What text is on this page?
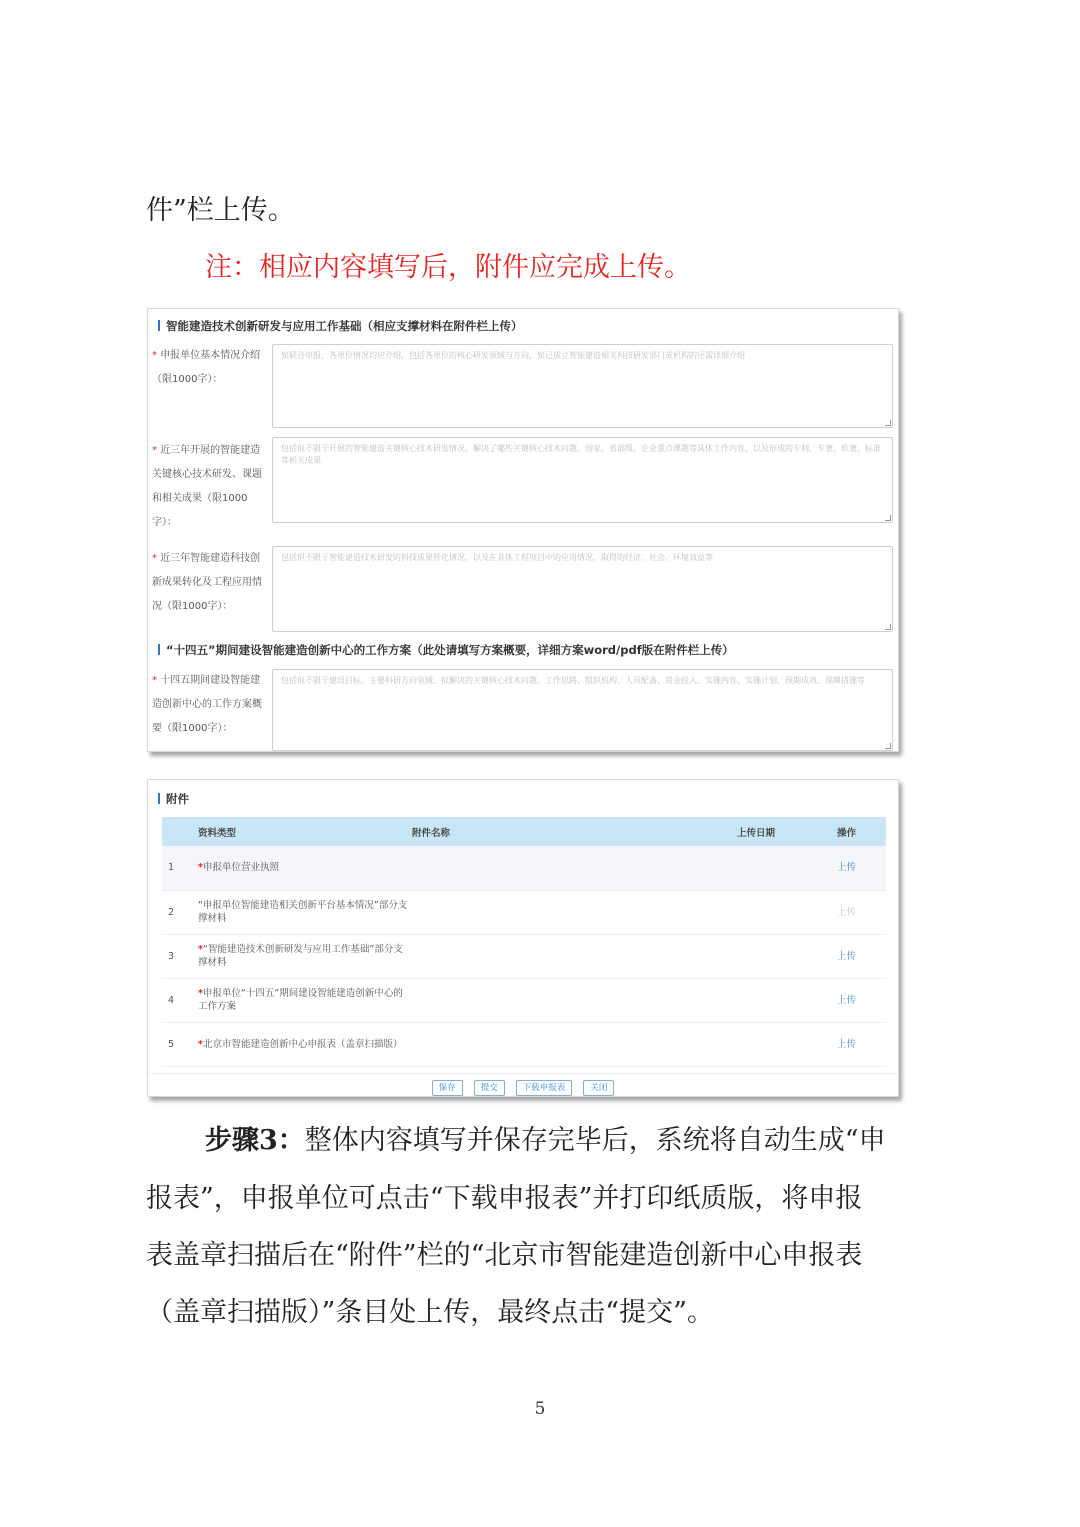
件”栏上传。
注：相应内容填写后，附件应完成上传。
智能建造技术创新研发与应用工作基础（相应支撑材料在附件栏上传）
* 申报单位基本情况介绍（限1000字）：
如联合申报，各单位情况均应介绍，包括各单位的核心研发领域与方向，如已成立智能建造相关科技研发部门或机构的还需详细介绍
* 近三年开展的智能建造关键核心技术研发、课题和相关成果（限1000字）：
包括但不限于开展的智能建造关键核心技术研发情况，解决了哪些关键核心技术问题，国家、省部级、企业重点课题等具体工作内容，以及形成的专利、专著、软著、标准等相关成果
* 近三年智能建造科技创新成果转化及工程应用情况（限1000字）：
包括但不限于智能建造技术研发的科技成果转化情况，以及在具体工程项目中的应用情况，取得的经济、社会、环境效益等
“十四五”期间建设智能建造创新中心的工作方案（此处请填写方案概要，详细方案word/pdf版在附件栏上传）
* 十四五期间建设智能建造创新中心的工作方案概要（限1000字）：
包括但不限于建设目标、主要科研方向领域、拟解决的关键核心技术问题、工作思路、组织机构、人员配备、资金投入、实施内容、实施计划、预期成效、保障措施等
附件
	资料类型	附件名称	上传日期	操作
1	*申报单位营业执照			上传
2	“申报单位智能建造相关创新平台基本情况”部分支撑材料			上传
3	*“智能建造技术创新研发与应用工作基础”部分支撑材料			上传
4	*申报单位“十四五”期间建设智能建造创新中心的工作方案			上传
5	*北京市智能建造创新中心申报表（盖章扫描版）			上传
保存	提交	下载申报表	关闭
步骤3：整体内容填写并保存完毕后，系统将自动生成“申
报表”，申报单位可点击“下载申报表”并打印纸质版，将申报
表盖章扫描后在“附件”栏的“北京市智能建造创新中心申报表
（盖章扫描版）”条目处上传，最终点击“提交”。
5
